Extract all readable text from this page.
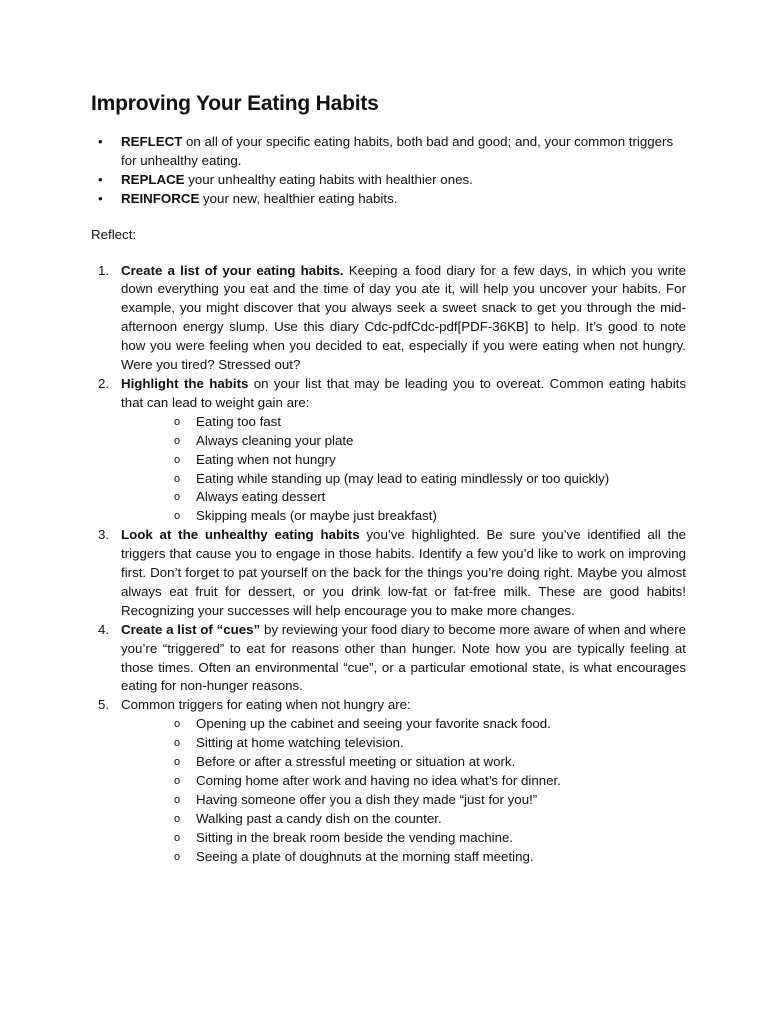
Improving Your Eating Habits
• REFLECT on all of your specific eating habits, both bad and good; and, your common triggers for unhealthy eating.
• REPLACE your unhealthy eating habits with healthier ones.
• REINFORCE your new, healthier eating habits.
Reflect:
1. Create a list of your eating habits. Keeping a food diary for a few days, in which you write down everything you eat and the time of day you ate it, will help you uncover your habits. For example, you might discover that you always seek a sweet snack to get you through the mid-afternoon energy slump. Use this diary Cdc-pdfCdc-pdf[PDF-36KB] to help. It’s good to note how you were feeling when you decided to eat, especially if you were eating when not hungry. Were you tired? Stressed out?
2. Highlight the habits on your list that may be leading you to overeat. Common eating habits that can lead to weight gain are:
o Eating too fast
o Always cleaning your plate
o Eating when not hungry
o Eating while standing up (may lead to eating mindlessly or too quickly)
o Always eating dessert
o Skipping meals (or maybe just breakfast)
3. Look at the unhealthy eating habits you’ve highlighted. Be sure you’ve identified all the triggers that cause you to engage in those habits. Identify a few you’d like to work on improving first. Don’t forget to pat yourself on the back for the things you’re doing right. Maybe you almost always eat fruit for dessert, or you drink low-fat or fat-free milk. These are good habits! Recognizing your successes will help encourage you to make more changes.
4. Create a list of “cues” by reviewing your food diary to become more aware of when and where you’re “triggered” to eat for reasons other than hunger. Note how you are typically feeling at those times. Often an environmental “cue”, or a particular emotional state, is what encourages eating for non-hunger reasons.
5. Common triggers for eating when not hungry are:
o Opening up the cabinet and seeing your favorite snack food.
o Sitting at home watching television.
o Before or after a stressful meeting or situation at work.
o Coming home after work and having no idea what’s for dinner.
o Having someone offer you a dish they made “just for you!”
o Walking past a candy dish on the counter.
o Sitting in the break room beside the vending machine.
o Seeing a plate of doughnuts at the morning staff meeting.
